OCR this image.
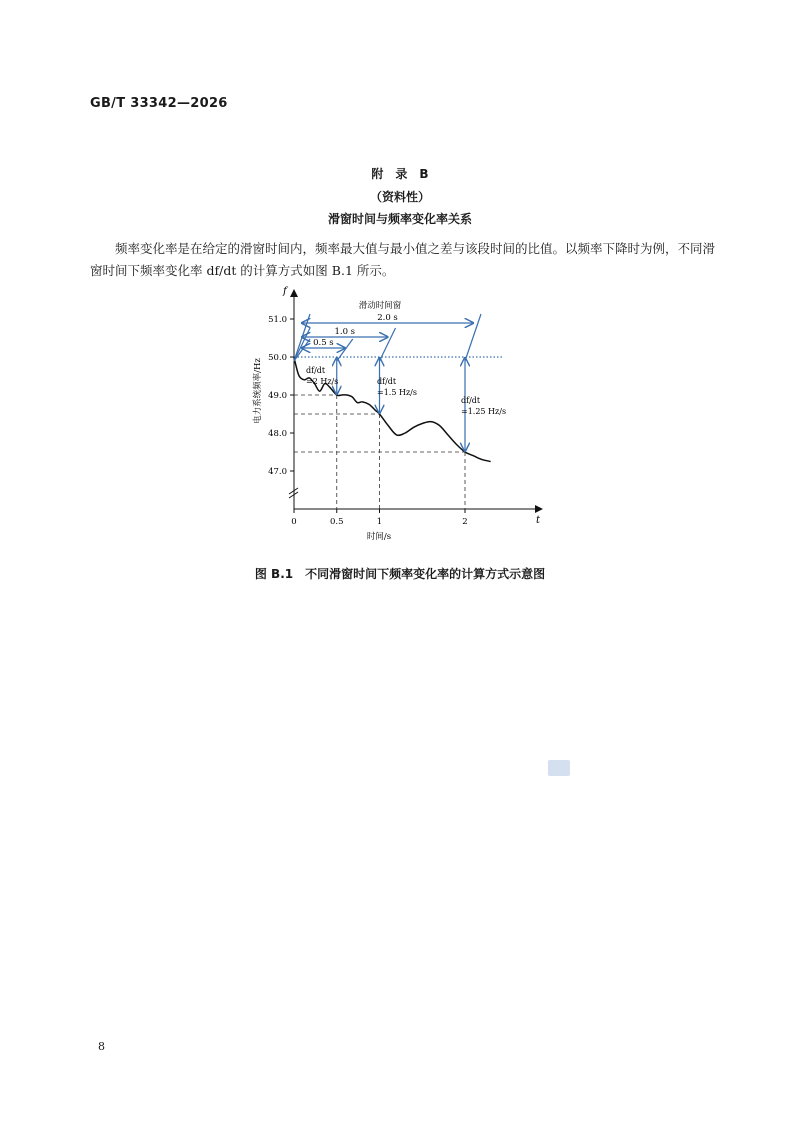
GB/T 33342—2026
附　录　B
（资料性）
滑窗时间与频率变化率关系
频率变化率是在给定的滑窗时间内，频率最大值与最小值之差与该段时间的比值。以频率下降时为例，不同滑窗时间下频率变化率 df/dt 的计算方式如图 B.1 所示。
f
t
51.0
50.0
49.0
48.0
47.0
0	0.5	1	2
时间/s
电力系统频率/Hz
滑动时间窗
0.5 s
df/dt
=2 Hz/s
1.0 s
df/dt
=1.5 Hz/s
2.0 s
df/dt
=1.25 Hz/s
图 B.1　不同滑窗时间下频率变化率的计算方式示意图
8
